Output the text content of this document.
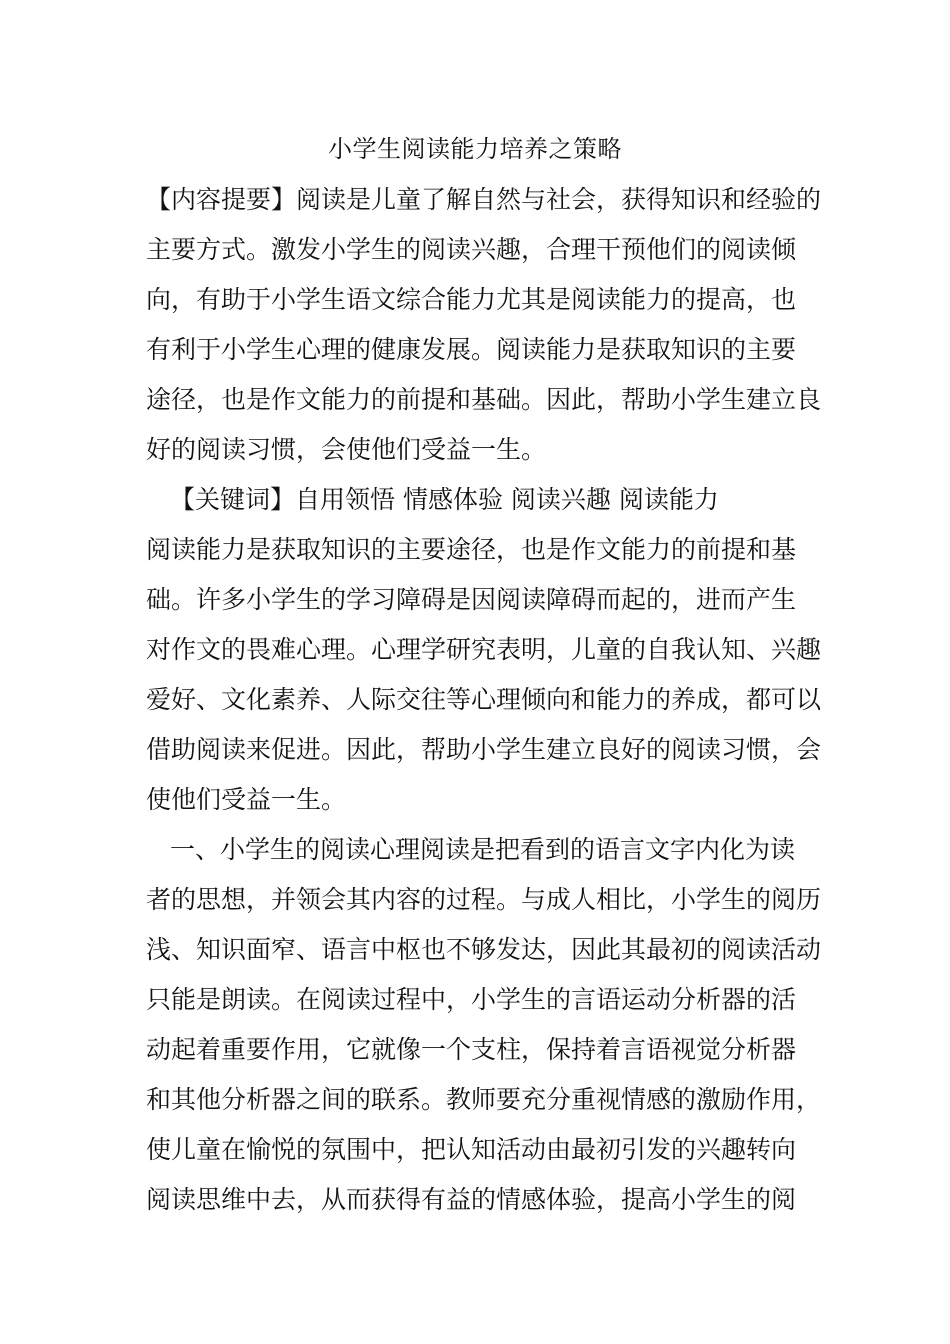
小学生阅读能力培养之策略
【内容提要】阅读是儿童了解自然与社会，获得知识和经验的
主要方式。激发小学生的阅读兴趣，合理干预他们的阅读倾
向，有助于小学生语文综合能力尤其是阅读能力的提高，也
有利于小学生心理的健康发展。阅读能力是获取知识的主要
途径，也是作文能力的前提和基础。因此，帮助小学生建立良
好的阅读习惯，会使他们受益一生。
【关键词】自用领悟 情感体验 阅读兴趣 阅读能力
阅读能力是获取知识的主要途径，也是作文能力的前提和基
础。许多小学生的学习障碍是因阅读障碍而起的，进而产生
对作文的畏难心理。心理学研究表明，儿童的自我认知、兴趣
爱好、文化素养、人际交往等心理倾向和能力的养成，都可以
借助阅读来促进。因此，帮助小学生建立良好的阅读习惯，会
使他们受益一生。
一、小学生的阅读心理阅读是把看到的语言文字内化为读
者的思想，并领会其内容的过程。与成人相比，小学生的阅历
浅、知识面窄、语言中枢也不够发达，因此其最初的阅读活动
只能是朗读。在阅读过程中，小学生的言语运动分析器的活
动起着重要作用，它就像一个支柱，保持着言语视觉分析器
和其他分析器之间的联系。教师要充分重视情感的激励作用，
使儿童在愉悦的氛围中，把认知活动由最初引发的兴趣转向
阅读思维中去，从而获得有益的情感体验，提高小学生的阅
